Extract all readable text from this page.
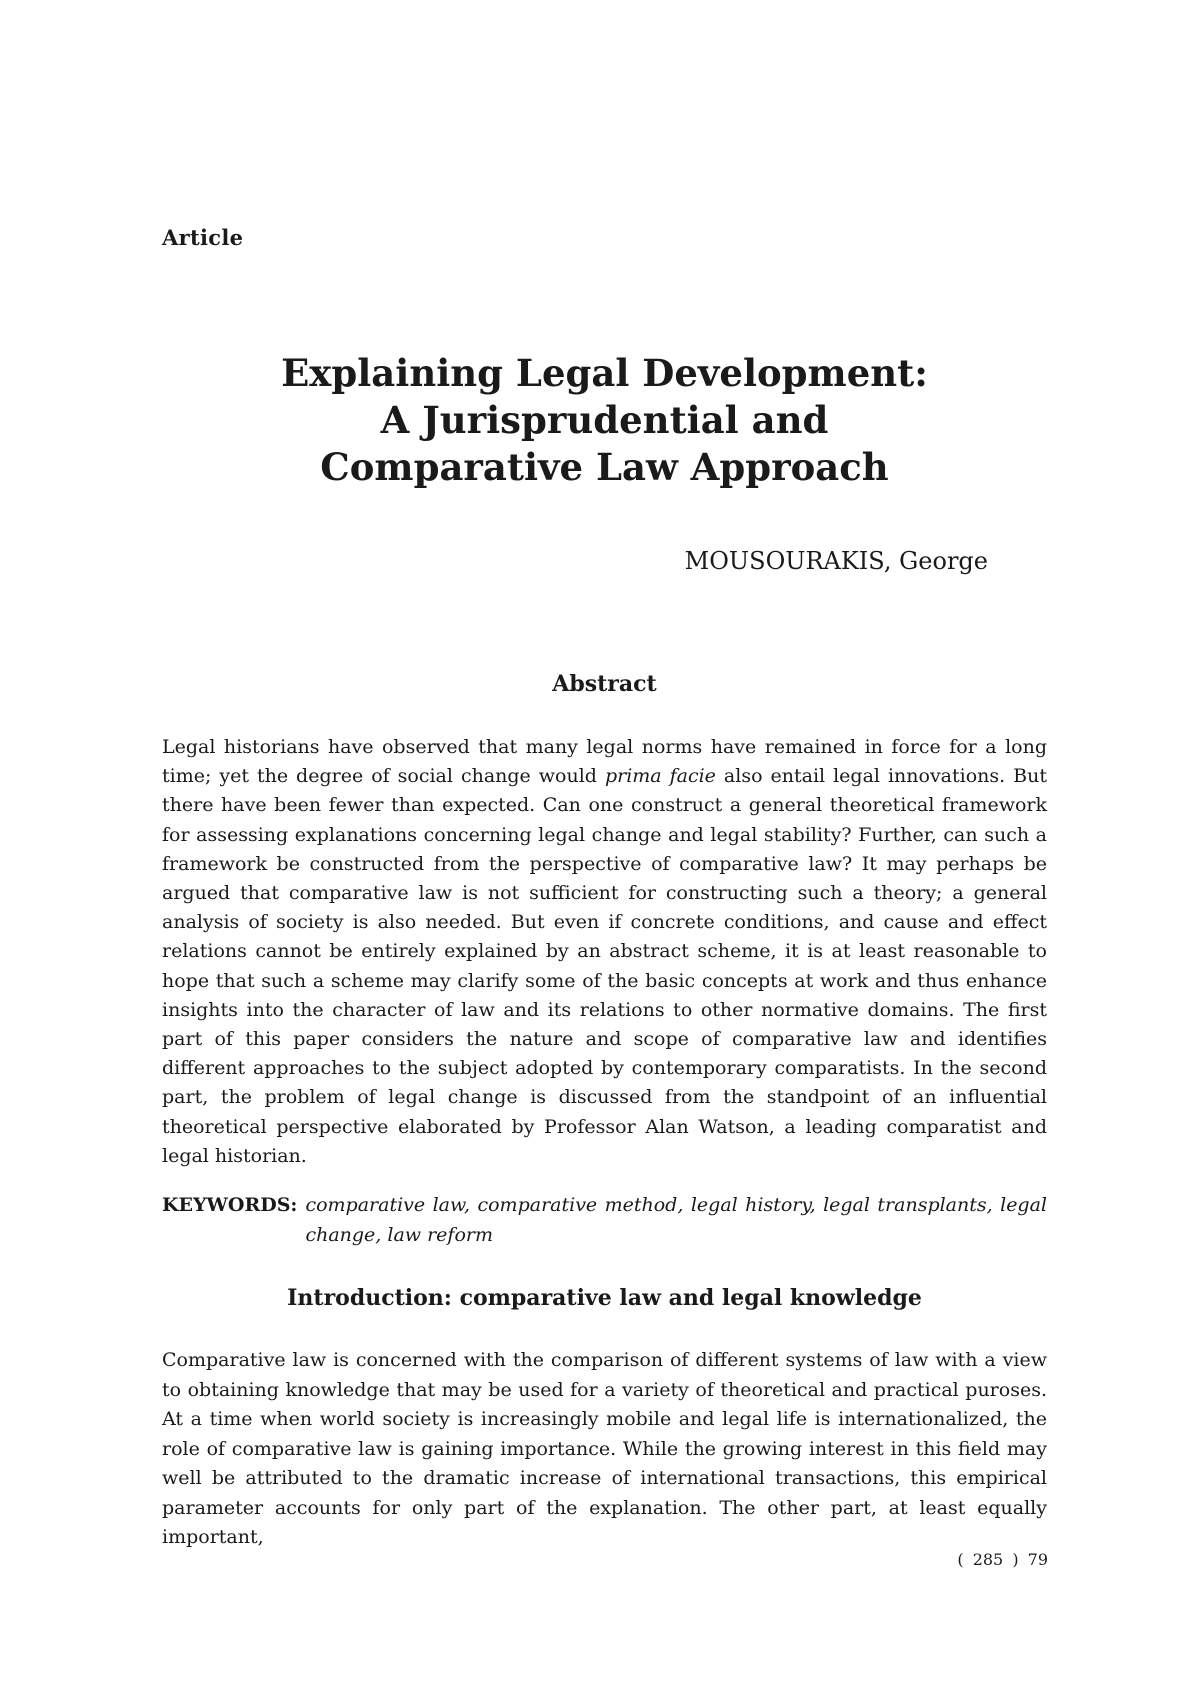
Article
Explaining Legal Development:
A Jurisprudential and
Comparative Law Approach
MOUSOURAKIS, George
Abstract
Legal historians have observed that many legal norms have remained in force for a long time; yet the degree of social change would prima facie also entail legal innovations. But there have been fewer than expected. Can one construct a general theoretical framework for assessing explanations concerning legal change and legal stability? Further, can such a framework be constructed from the perspective of comparative law? It may perhaps be argued that comparative law is not sufficient for constructing such a theory; a general analysis of society is also needed. But even if concrete conditions, and cause and effect relations cannot be entirely explained by an abstract scheme, it is at least reasonable to hope that such a scheme may clarify some of the basic concepts at work and thus enhance insights into the character of law and its relations to other normative domains. The first part of this paper considers the nature and scope of comparative law and identifies different approaches to the subject adopted by contemporary comparatists. In the second part, the problem of legal change is discussed from the standpoint of an influential theoretical perspective elaborated by Professor Alan Watson, a leading comparatist and legal historian.
KEYWORDS: comparative law, comparative method, legal history, legal transplants, legal change, law reform
Introduction: comparative law and legal knowledge
Comparative law is concerned with the comparison of different systems of law with a view to obtaining knowledge that may be used for a variety of theoretical and practical puroses. At a time when world society is increasingly mobile and legal life is internationalized, the role of comparative law is gaining importance. While the growing interest in this field may well be attributed to the dramatic increase of international transactions, this empirical parameter accounts for only part of the explanation. The other part, at least equally important,
( 285 ) 79
